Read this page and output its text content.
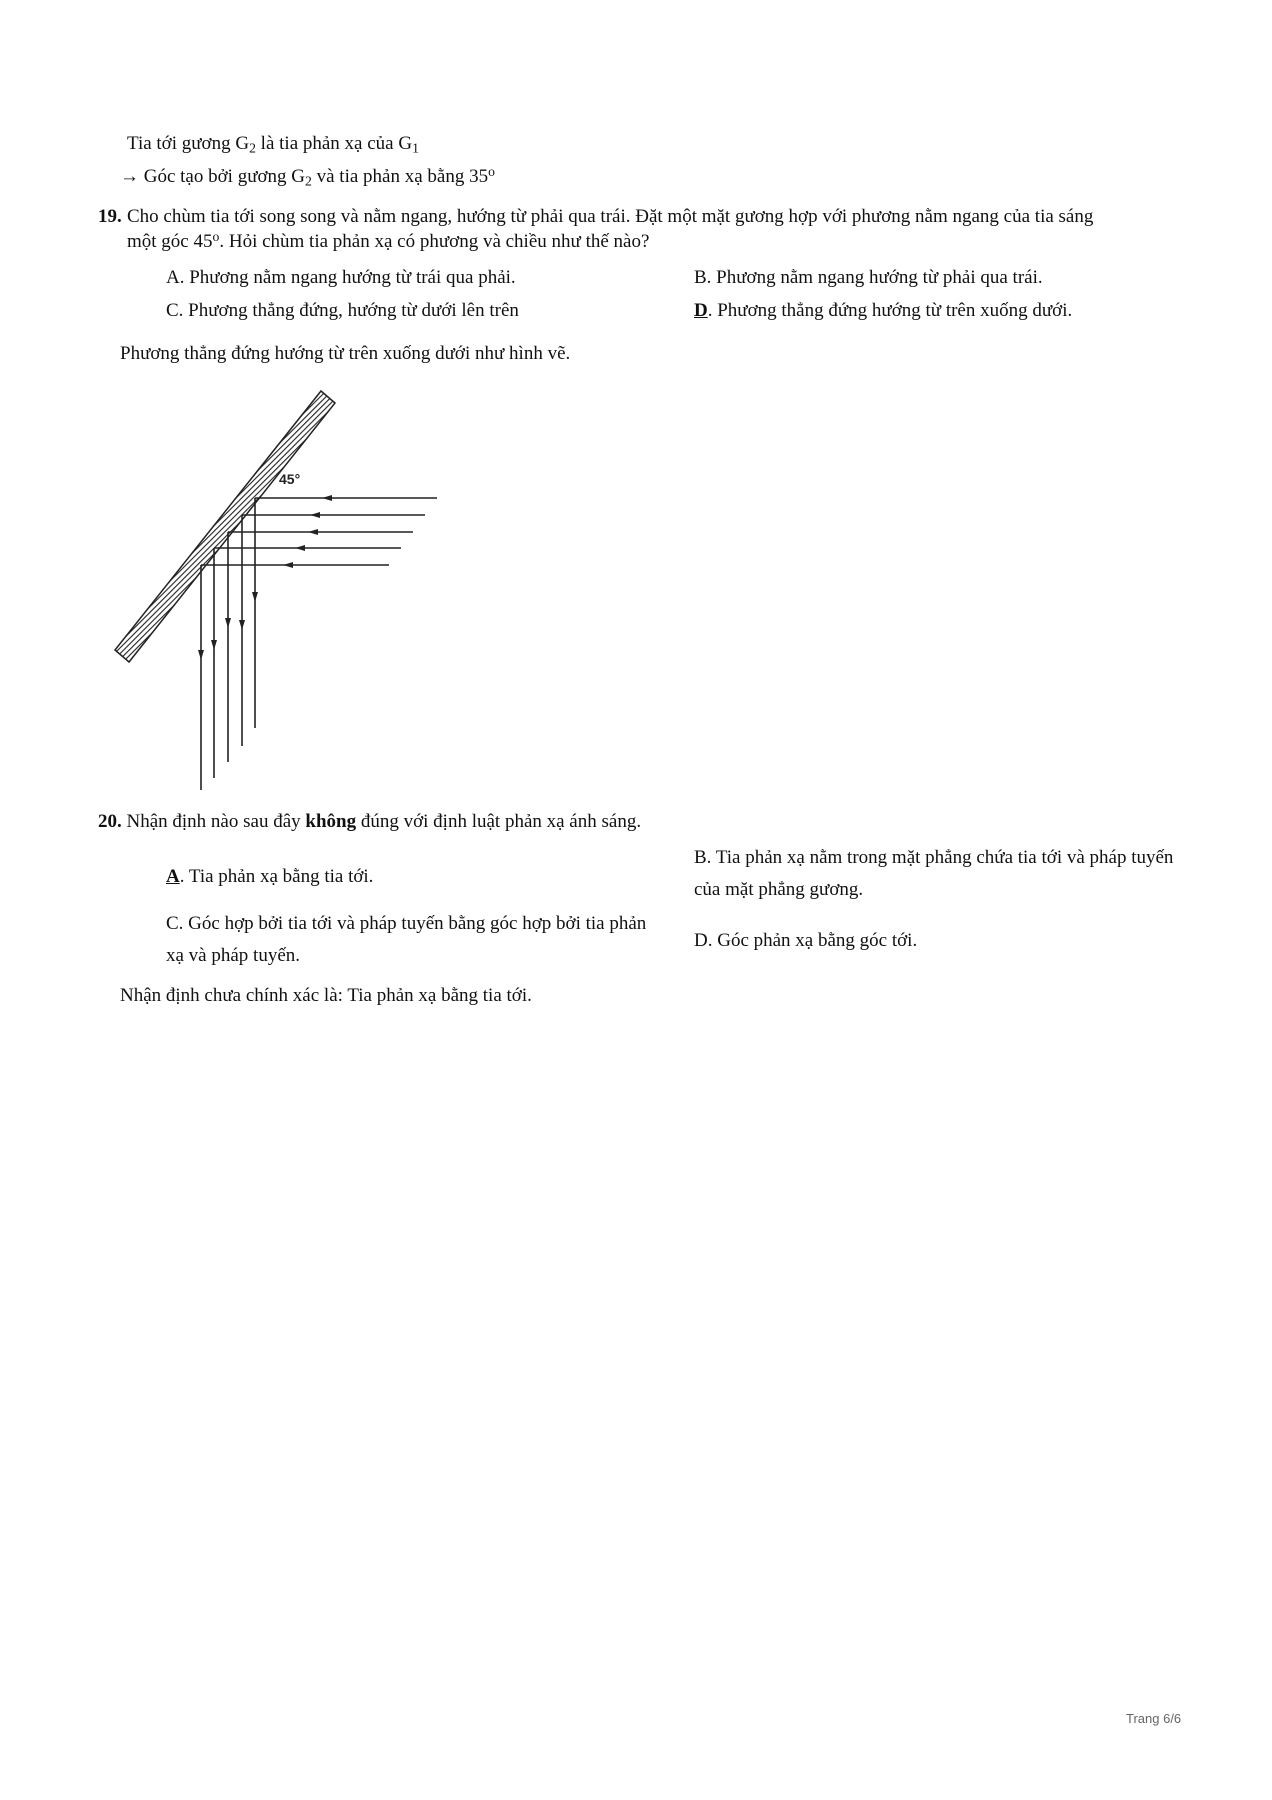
Tia tới gương $G_2$ là tia phản xạ của $G_1$
→ Góc tạo bởi gương $G_2$ và tia phản xạ bằng 35$^o$
19. Cho chùm tia tới song song và nằm ngang, hướng từ phải qua trái. Đặt một mặt gương hợp với phương nằm ngang của tia sáng
một góc 45$^o$. Hỏi chùm tia phản xạ có phương và chiều như thế nào?
A. Phương nằm ngang hướng từ trái qua phải.	B. Phương nằm ngang hướng từ phải qua trái.
C. Phương thẳng đứng, hướng từ dưới lên trên	D. Phương thẳng đứng hướng từ trên xuống dưới.
Phương thẳng đứng hướng từ trên xuống dưới như hình vẽ.
45°
20. Nhận định nào sau đây không đúng với định luật phản xạ ánh sáng.
A. Tia phản xạ bằng tia tới.
B. Tia phản xạ nằm trong mặt phẳng chứa tia tới và pháp tuyến của mặt phẳng gương.
C. Góc hợp bởi tia tới và pháp tuyến bằng góc hợp bởi tia phản xạ và pháp tuyến.
D. Góc phản xạ bằng góc tới.
Nhận định chưa chính xác là: Tia phản xạ bằng tia tới.
Trang 6/6
